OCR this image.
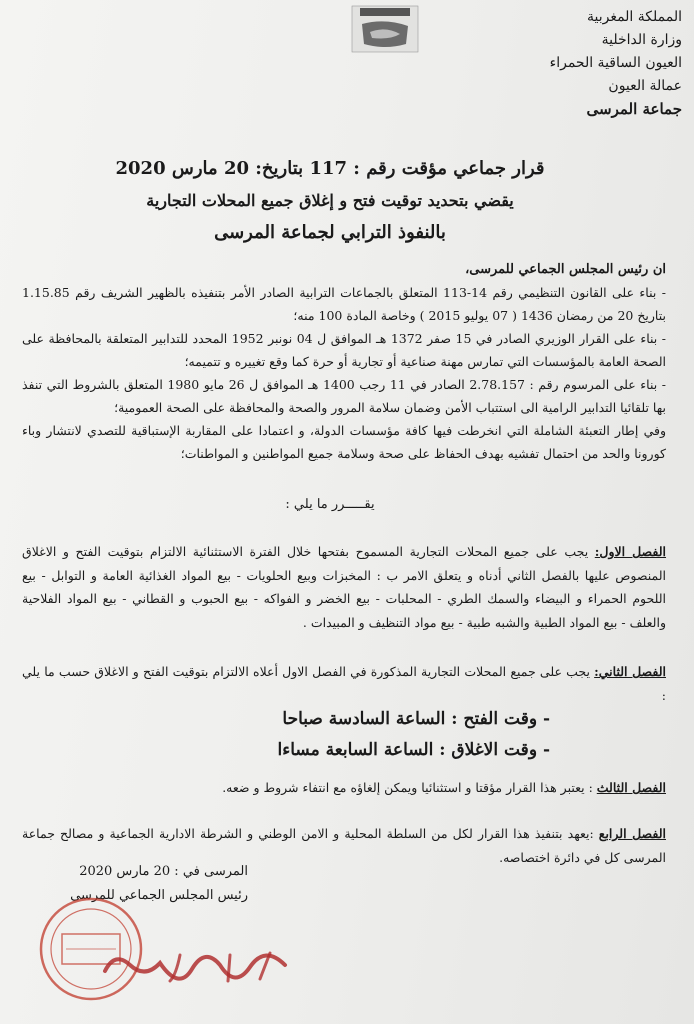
المملكة المغربية
وزارة الداخلية
العيون الساقية الحمراء
عمالة العيون
جماعة المرسى
قرار جماعي مؤقت رقم : 117 بتاريخ: 20 مارس 2020
يقضي بتحديد توقيت فتح و إغلاق جميع المحلات التجارية
بالنفوذ الترابي لجماعة المرسى

ان رئيس المجلس الجماعي للمرسى،

- بناء على القانون التنظيمي رقم 14-113 المتعلق بالجماعات الترابية الصادر الأمر بتنفيذه بالظهير الشريف رقم 1.15.85 بتاريخ 20 من رمضان 1436 ( 07 يوليو 2015 ) وخاصة المادة 100 منه؛

- بناء على القرار الوزيري الصادر في 15 صفر 1372 هـ الموافق ل 04 نونبر 1952 المحدد للتدابير المتعلقة بالمحافظة على الصحة العامة بالمؤسسات التي تمارس مهنة صناعية أو تجارية أو حرة كما وقع تغييره و تتميمه؛

- بناء على المرسوم رقم : 2.78.157 الصادر في 11 رجب 1400 هـ الموافق ل 26 مايو 1980 المتعلق بالشروط التي تنفذ بها تلقائيا التدابير الرامية الى استتباب الأمن وضمان سلامة المرور والصحة والمحافظة على الصحة العمومية؛

وفي إطار التعبئة الشاملة التي انخرطت فيها كافة مؤسسات الدولة، و اعتمادا على المقاربة الإستباقية للتصدي لانتشار وباء كورونا والحد من احتمال تفشيه بهدف الحفاظ على صحة وسلامة جميع المواطنين و المواطنات؛

يقـــــرر ما يلي :
الفصل الاول: يجب على جميع المحلات التجارية المسموح بفتحها خلال الفترة الاستثنائية الالتزام بتوقيت الفتح و الاغلاق المنصوص عليها بالفصل الثاني أدناه و يتعلق الامر ب : المخبزات وبيع الحلويات - بيع المواد الغذائية العامة و التوابل - بيع اللحوم الحمراء و البيضاء والسمك الطري - المحلبات - بيع الخضر و الفواكه - بيع الحبوب و القطاني - بيع المواد الفلاحية والعلف - بيع المواد الطبية والشبه طبية - بيع مواد التنظيف و المبيدات .
الفصل الثاني: يجب على جميع المحلات التجارية المذكورة في الفصل الاول أعلاه الالتزام بتوقيت الفتح و الاغلاق حسب ما يلي :
- وقت الفتح : الساعة السادسة صباحا
- وقت الاغلاق : الساعة السابعة مساءا
الفصل الثالث : يعتبر هذا القرار مؤقتا و استثنائيا ويمكن إلغاؤه مع انتفاء شروط و ضعه.
الفصل الرابع :يعهد بتنفيذ هذا القرار لكل من السلطة المحلية و الامن الوطني و الشرطة الادارية الجماعية و مصالح جماعة المرسى كل في دائرة اختصاصه.
المرسى في : 20 مارس 2020
رئيس المجلس الجماعي للمرسى
